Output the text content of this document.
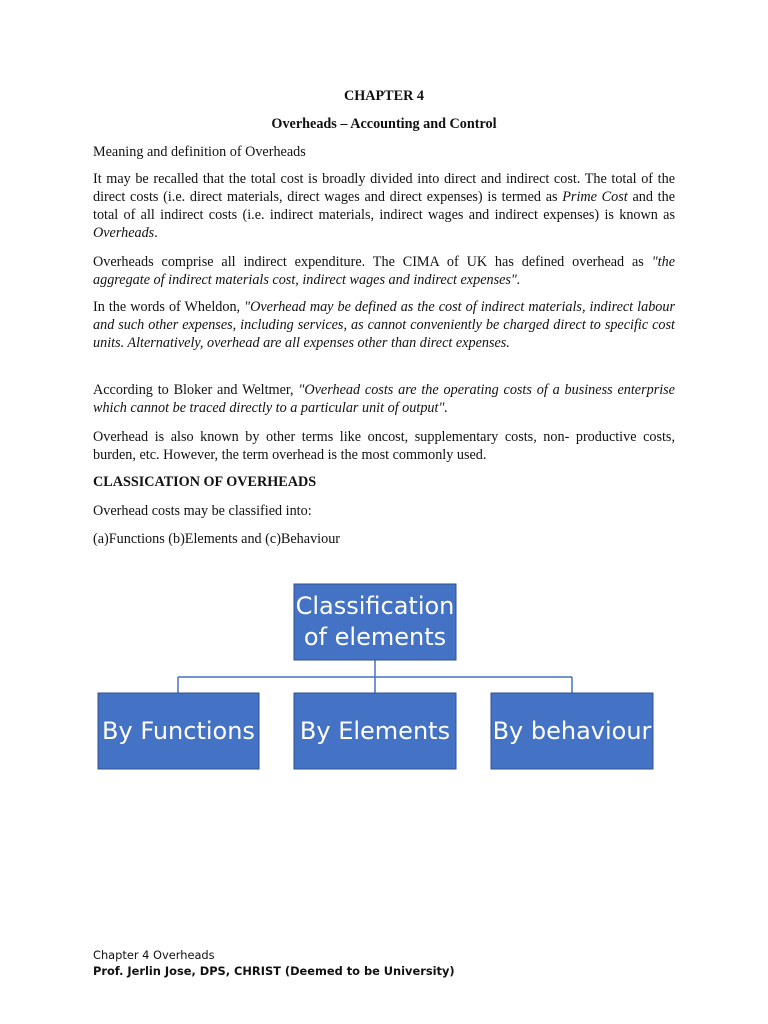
CHAPTER 4
Overheads – Accounting and Control
Meaning and definition of Overheads
It may be recalled that the total cost is broadly divided into direct and indirect cost. The total of the direct costs (i.e. direct materials, direct wages and direct expenses) is termed as Prime Cost and the total of all indirect costs (i.e. indirect materials, indirect wages and indirect expenses) is known as Overheads.
Overheads comprise all indirect expenditure. The CIMA of UK has defined overhead as "the aggregate of indirect materials cost, indirect wages and indirect expenses".
In the words of Wheldon, "Overhead may be defined as the cost of indirect materials, indirect labour and such other expenses, including services, as cannot conveniently be charged direct to specific cost units. Alternatively, overhead are all expenses other than direct expenses.
According to Bloker and Weltmer, "Overhead costs are the operating costs of a business enterprise which cannot be traced directly to a particular unit of output".
Overhead is also known by other terms like oncost, supplementary costs, non- productive costs, burden, etc. However, the term overhead is the most commonly used.
CLASSICATION OF OVERHEADS
Overhead costs may be classified into:
(a)Functions (b)Elements and (c)Behaviour
Classification
of elements
By Functions By Elements By behaviour
Chapter 4 Overheads
Prof. Jerlin Jose, DPS, CHRIST (Deemed to be University)
